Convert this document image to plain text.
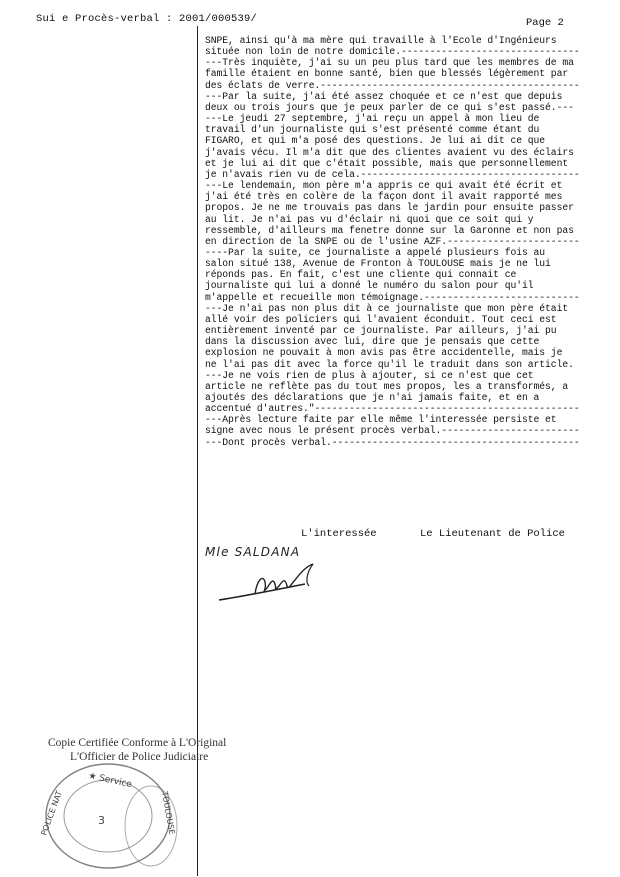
Sui e Procès-verbal : 2001/000539/	Page 2
SNPE, ainsi qu'à ma mère qui travaille à l'Ecole d'Ingénieurs
située non loin de notre domicile.-------------------------------
---Très inquiète, j'ai su un peu plus tard que les membres de ma
famille étaient en bonne santé, bien que blessés légèrement par
des éclats de verre.---------------------------------------------
---Par la suite, j'ai été assez choquée et ce n'est que depuis
deux ou trois jours que je peux parler de ce qui s'est passé.---
---Le jeudi 27 septembre, j'ai reçu un appel à mon lieu de
travail d'un journaliste qui s'est présenté comme étant du
FIGARO, et qui m'a posé des questions. Je lui ai dit ce que
j'avais vécu. Il m'a dit que des clientes avaient vu des éclairs
et je lui ai dit que c'était possible, mais que personnellement
je n'avais rien vu de cela.--------------------------------------
---Le lendemain, mon père m'a appris ce qui avait été écrit et
j'ai été très en colère de la façon dont il avait rapporté mes
propos. Je ne me trouvais pas dans le jardin pour ensuite passer
au lit. Je n'ai pas vu d'éclair ni quoi que ce soit qui y
ressemble, d'ailleurs ma fenetre donne sur la Garonne et non pas
en direction de la SNPE ou de l'usine AZF.-----------------------
----Par la suite, ce journaliste a appelé plusieurs fois au
salon situé 138, Avenue de Fronton à TOULOUSE mais je ne lui
réponds pas. En fait, c'est une cliente qui connait ce
journaliste qui lui a donné le numéro du salon pour qu'il
m'appelle et recueille mon témoignage.---------------------------
---Je n'ai pas non plus dit à ce journaliste que mon père était
allé voir des policiers qui l'avaient éconduit. Tout ceci est
entièrement inventé par ce journaliste. Par ailleurs, j'ai pu
dans la discussion avec lui, dire que je pensais que cette
explosion ne pouvait à mon avis pas être accidentelle, mais je
ne l'ai pas dit avec la force qu'il le traduit dans son article.
---Je ne vois rien de plus à ajouter, si ce n'est que cet
article ne reflète pas du tout mes propos, les a transformés, a
ajoutés des déclarations que je n'ai jamais faite, et en a
accentué d'autres."----------------------------------------------
---Après lecture faite par elle même l'interessée persiste et
signe avec nous le présent procès verbal.------------------------
---Dont procès verbal.-------------------------------------------
L'interessée	Le Lieutenant de Police
Mle SALDANA
Copie Certifiée Conforme à L'Original
L'Officier de Police Judiciaire
★ Service
POLICE NAT	TOULOUSE
3
